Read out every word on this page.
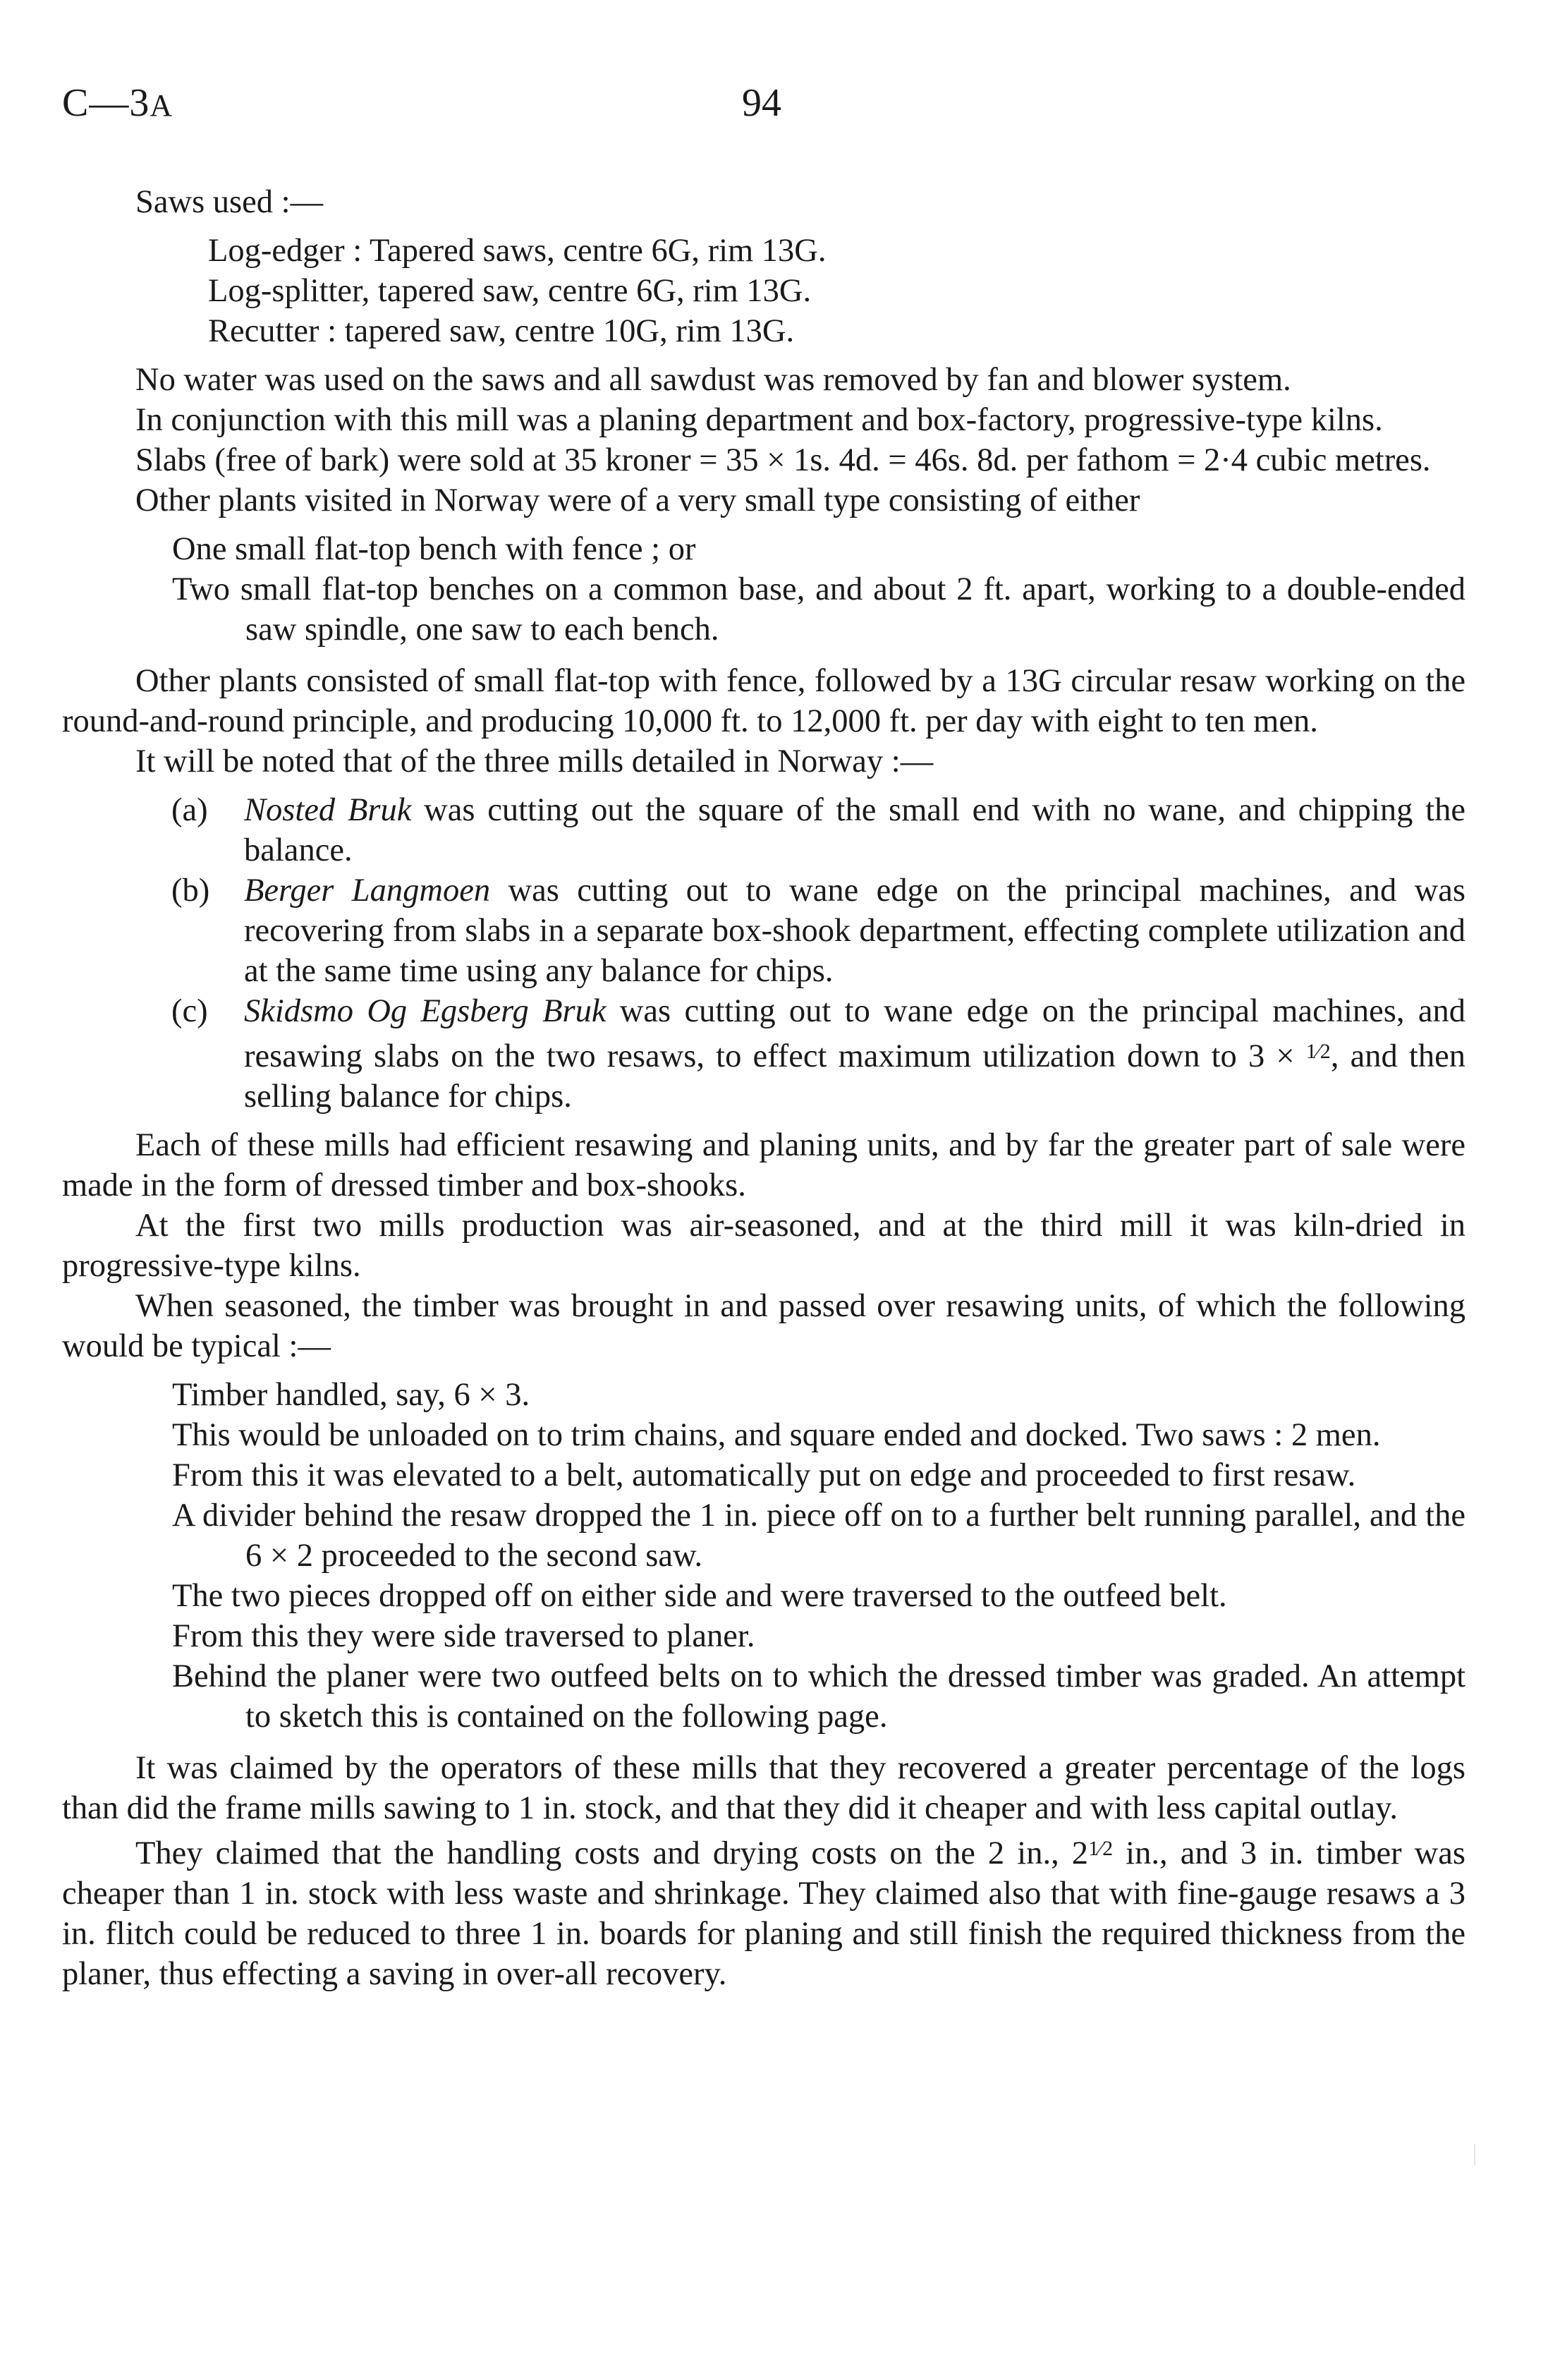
C—3A	94

Saws used :—

Log-edger : Tapered saws, centre 6G, rim 13G.

Log-splitter, tapered saw, centre 6G, rim 13G.

Recutter : tapered saw, centre 10G, rim 13G.

No water was used on the saws and all sawdust was removed by fan and blower system.

In conjunction with this mill was a planing department and box-factory, progressive-type kilns.

Slabs (free of bark) were sold at 35 kroner = 35 × 1s. 4d. = 46s. 8d. per fathom = 2·4 cubic metres.

Other plants visited in Norway were of a very small type consisting of either

One small flat-top bench with fence ; or

Two small flat-top benches on a common base, and about 2 ft. apart, working to a double-ended saw spindle, one saw to each bench.

Other plants consisted of small flat-top with fence, followed by a 13G circular resaw working on the round-and-round principle, and producing 10,000 ft. to 12,000 ft. per day with eight to ten men.

It will be noted that of the three mills detailed in Norway :—

(a)	Nosted Bruk was cutting out the square of the small end with no wane, and chipping the balance.
(b)	Berger Langmoen was cutting out to wane edge on the principal machines, and was recovering from slabs in a separate box-shook department, effecting complete utilization and at the same time using any balance for chips.
(c)	Skidsmo Og Egsberg Bruk was cutting out to wane edge on the principal machines, and resawing slabs on the two resaws, to effect maximum utilization down to 3 × $^{1⁄2}$, and then selling balance for chips.

Each of these mills had efficient resawing and planing units, and by far the greater part of sale were made in the form of dressed timber and box-shooks.

At the first two mills production was air-seasoned, and at the third mill it was kiln-dried in progressive-type kilns.

When seasoned, the timber was brought in and passed over resawing units, of which the following would be typical :—

Timber handled, say, 6 × 3.

This would be unloaded on to trim chains, and square ended and docked. Two saws : 2 men.

From this it was elevated to a belt, automatically put on edge and proceeded to first resaw.

A divider behind the resaw dropped the 1 in. piece off on to a further belt running parallel, and the 6 × 2 proceeded to the second saw.

The two pieces dropped off on either side and were traversed to the outfeed belt.

From this they were side traversed to planer.

Behind the planer were two outfeed belts on to which the dressed timber was graded. An attempt to sketch this is contained on the following page.

It was claimed by the operators of these mills that they recovered a greater percentage of the logs than did the frame mills sawing to 1 in. stock, and that they did it cheaper and with less capital outlay.

They claimed that the handling costs and drying costs on the 2 in., $2^{1⁄2}$ in., and 3 in. timber was cheaper than 1 in. stock with less waste and shrinkage. They claimed also that with fine-gauge resaws a 3 in. flitch could be reduced to three 1 in. boards for planing and still finish the required thickness from the planer, thus effecting a saving in over-all recovery.
